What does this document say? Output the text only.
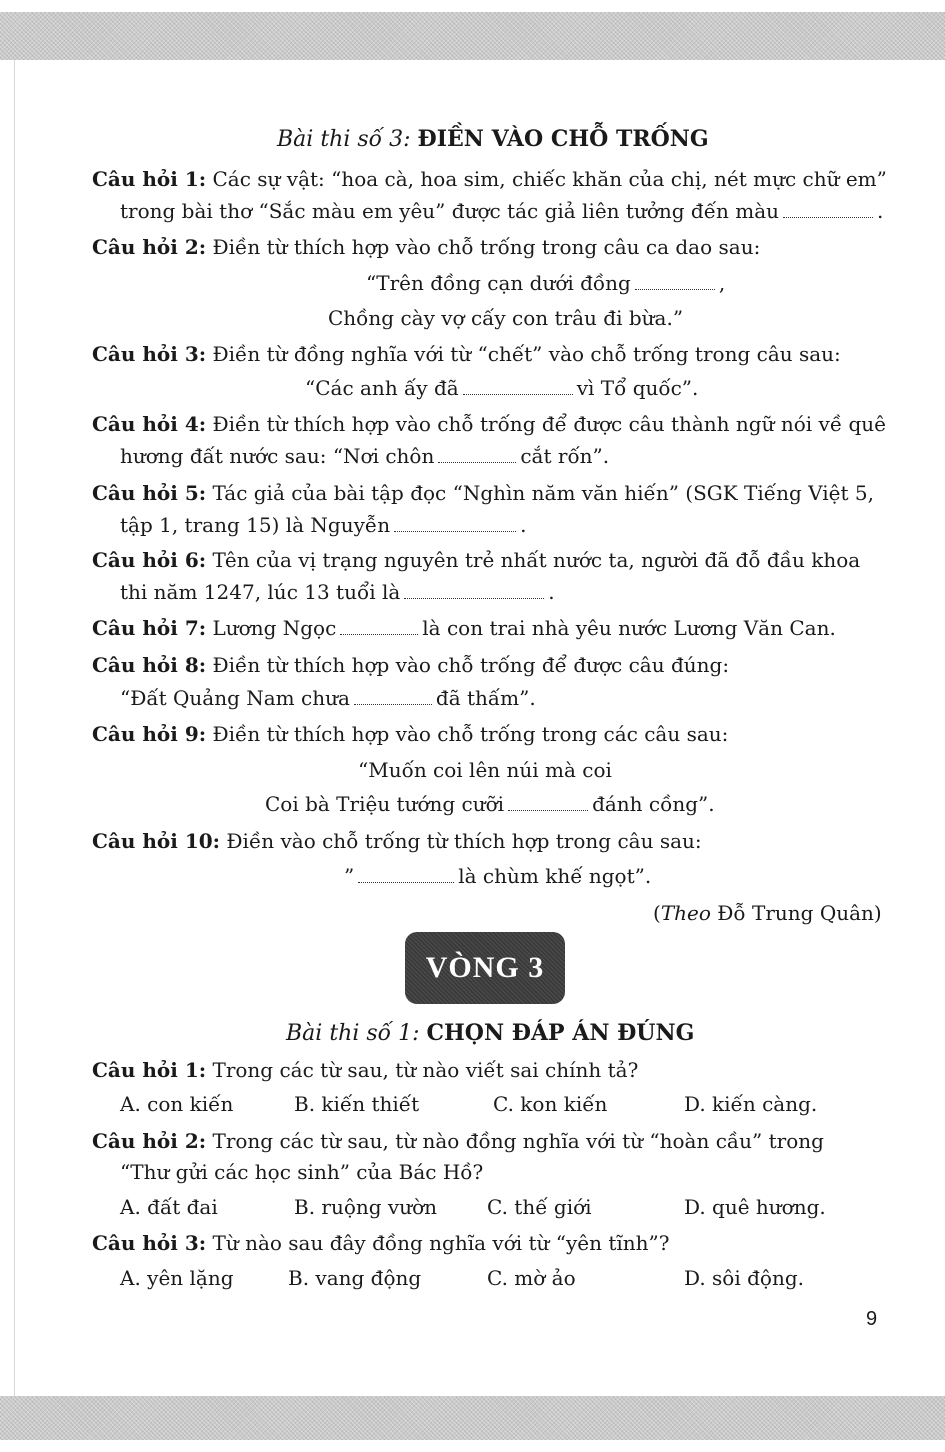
Bài thi số 3: ĐIỀN VÀO CHỖ TRỐNG
Câu hỏi 1: Các sự vật: “hoa cà, hoa sim, chiếc khăn của chị, nét mực chữ em”
trong bài thơ “Sắc màu em yêu” được tác giả liên tưởng đến màu	.
Câu hỏi 2: Điền từ thích hợp vào chỗ trống trong câu ca dao sau:
“Trên đồng cạn dưới đồng	,
Chồng cày vợ cấy con trâu đi bừa.”
Câu hỏi 3: Điền từ đồng nghĩa với từ “chết” vào chỗ trống trong câu sau:
“Các anh ấy đã	vì Tổ quốc”.
Câu hỏi 4: Điền từ thích hợp vào chỗ trống để được câu thành ngữ nói về quê
hương đất nước sau: “Nơi chôn	cắt rốn”.
Câu hỏi 5: Tác giả của bài tập đọc “Nghìn năm văn hiến” (SGK Tiếng Việt 5,
tập 1, trang 15) là Nguyễn	.
Câu hỏi 6: Tên của vị trạng nguyên trẻ nhất nước ta, người đã đỗ đầu khoa
thi năm 1247, lúc 13 tuổi là	.
Câu hỏi 7: Lương Ngọc	là con trai nhà yêu nước Lương Văn Can.
Câu hỏi 8: Điền từ thích hợp vào chỗ trống để được câu đúng:
“Đất Quảng Nam chưa	đã thấm”.
Câu hỏi 9: Điền từ thích hợp vào chỗ trống trong các câu sau:
“Muốn coi lên núi mà coi
Coi bà Triệu tướng cưỡi	đánh cồng”.
Câu hỏi 10: Điền vào chỗ trống từ thích hợp trong câu sau:
”	là chùm khế ngọt”.
(Theo Đỗ Trung Quân)
VÒNG 3
Bài thi số 1: CHỌN ĐÁP ÁN ĐÚNG
Câu hỏi 1: Trong các từ sau, từ nào viết sai chính tả?
A. con kiến	B. kiến thiết	C. kon kiến	D. kiến càng.
Câu hỏi 2: Trong các từ sau, từ nào đồng nghĩa với từ “hoàn cầu” trong
“Thư gửi các học sinh” của Bác Hồ?
A. đất đai	B. ruộng vườn C. thế giới	D. quê hương.
Câu hỏi 3: Từ nào sau đây đồng nghĩa với từ “yên tĩnh”?
A. yên lặng	B. vang động	C. mờ ảo	D. sôi động.
9
